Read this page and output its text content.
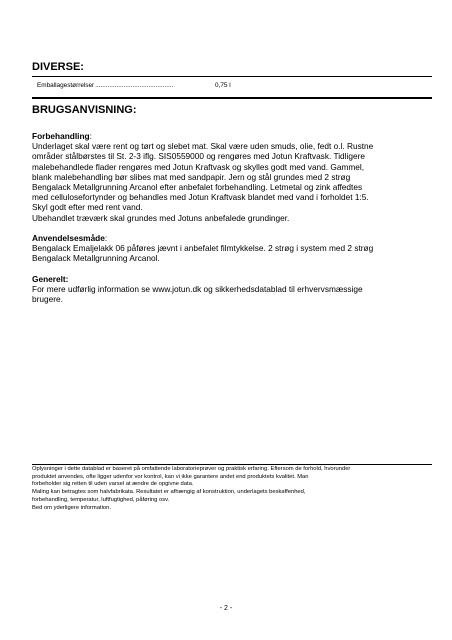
DIVERSE:
Emballagestørrelser............................................	0,75 l
BRUGSANVISNING:
Forbehandling:

Underlaget skal være rent og tørt og slebet mat. Skal være uden smuds, olie, fedt o.l. Rustne

områder stålbørstes til St. 2-3 iflg. SIS0559000 og rengøres med Jotun Kraftvask. Tidligere

malebehandlede flader rengøres med Jotun Kraftvask og skylles godt med vand. Gammel,

blank malebehandling bør slibes mat med sandpapir. Jern og stål grundes med 2 strøg

Bengalack Metallgrunning Arcanol efter anbefalet forbehandling. Letmetal og zink affedtes

med cellulosefortynder og behandles med Jotun Kraftvask blandet med vand i forholdet 1:5.

Skyl godt efter med rent vand.

Ubehandlet træværk skal grundes med Jotuns anbefalede grundinger.

Anvendelsesmåde:

Bengalack Emaljelakk 06 påføres jævnt i anbefalet filmtykkelse. 2 strøg i system med 2 strøg

Bengalack Metallgrunning Arcanol.

Generelt:

For mere udførlig information se www.jotun.dk og sikkerhedsdatablad til erhvervsmæssige

brugere.

Oplysninger i dette datablad er baseret på omfattende laboratorieprøver og praktisk erfaring. Eftersom de forhold, hvorunder

produktet anvendes, ofte ligger udenfor vor kontrol, kan vi ikke garantere andet end produktets kvalitet. Man

forbeholder sig retten til uden varsel at ændre de opgivne data.

Maling kan betragtes som halvfabrikata. Resultatet er afhængig af konstruktion, underlagets beskaffenhed,

forbehandling, temperatur, luftfugtighed, påføring osv.

Bed om yderligere information.

- 2 -
